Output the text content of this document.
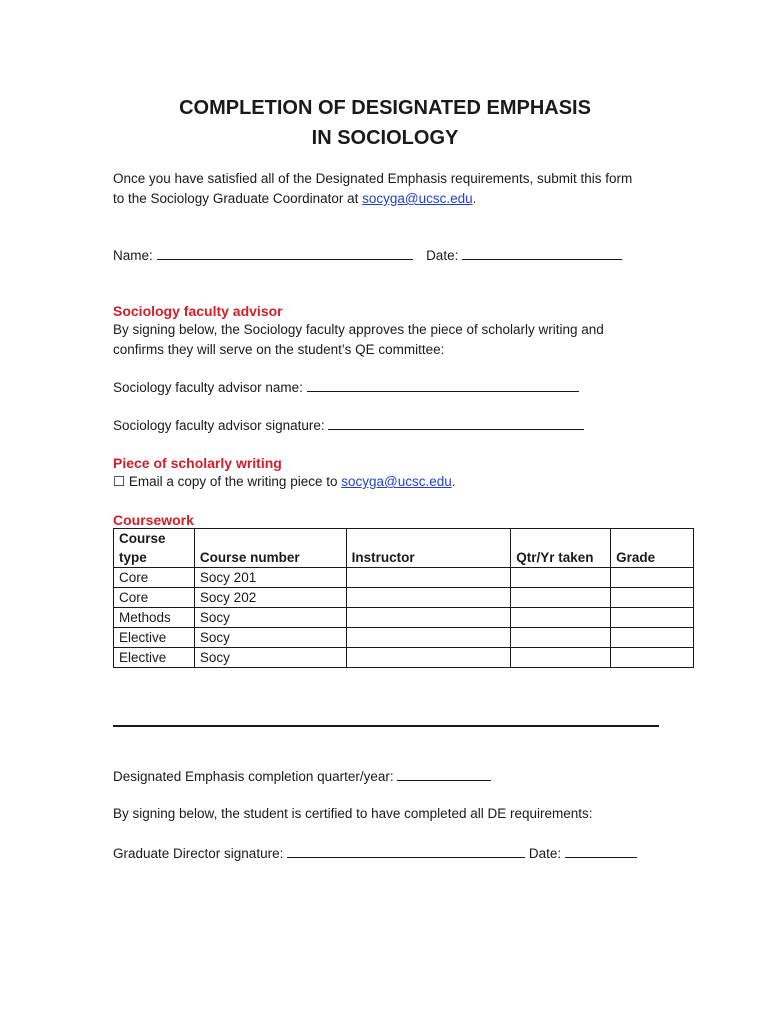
COMPLETION OF DESIGNATED EMPHASIS
IN SOCIOLOGY
Once you have satisfied all of the Designated Emphasis requirements, submit this form
to the Sociology Graduate Coordinator at socyga@ucsc.edu.
Name:	Date:
Sociology faculty advisor
By signing below, the Sociology faculty approves the piece of scholarly writing and
confirms they will serve on the student’s QE committee:
Sociology faculty advisor name:
Sociology faculty advisor signature:
Piece of scholarly writing
☐ Email a copy of the writing piece to socyga@ucsc.edu.
Coursework
Course
type	Course number	Instructor	Qtr/Yr taken	Grade
Core	Socy 201			
Core	Socy 202			
Methods	Socy			
Elective	Socy			
Elective	Socy			
Designated Emphasis completion quarter/year:
By signing below, the student is certified to have completed all DE requirements:
Graduate Director signature:	Date:
